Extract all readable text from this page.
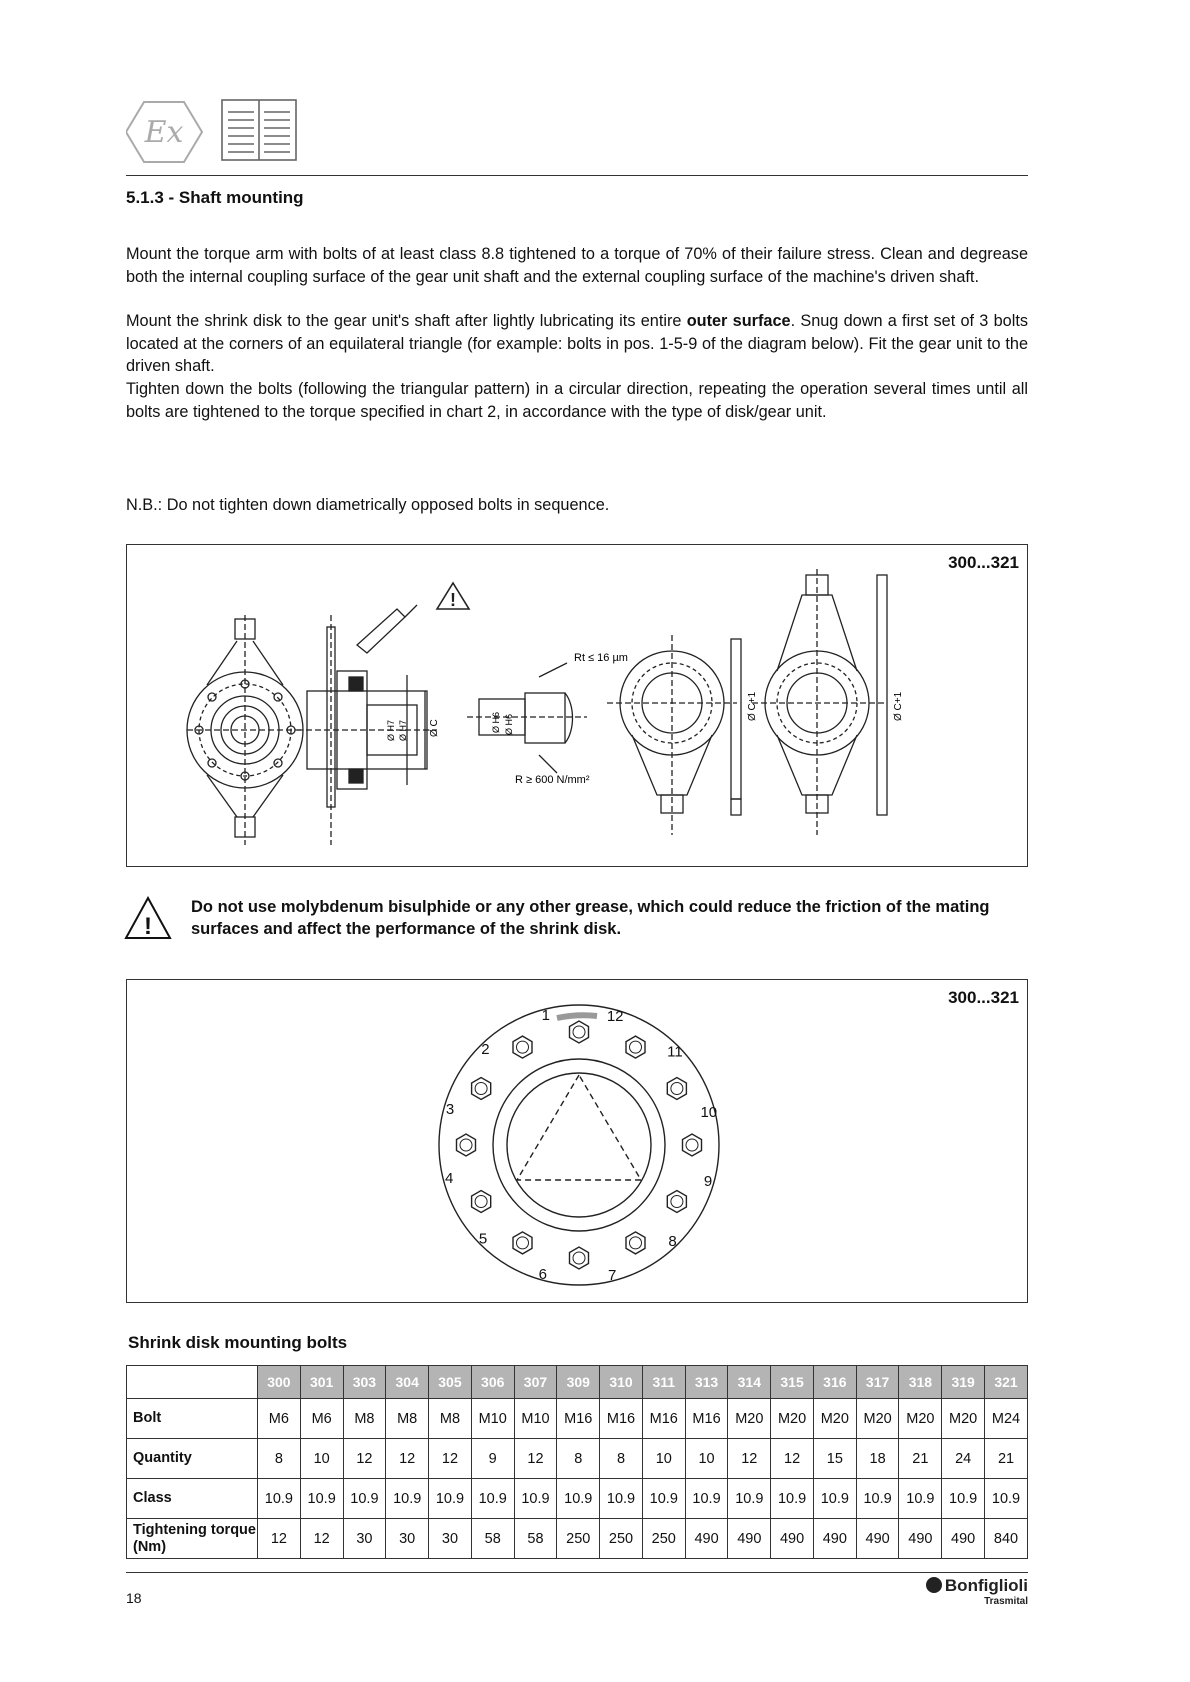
Ex
5.1.3 - Shaft mounting

Mount the torque arm with bolts of at least class 8.8 tightened to a torque of 70% of their failure stress. Clean and degrease both the internal coupling surface of the gear unit shaft and the external coupling surface of the machine's driven shaft.

Mount the shrink disk to the gear unit's shaft after lightly lubricating its entire outer surface. Snug down a first set of 3 bolts located at the corners of an equilateral triangle (for example: bolts in pos. 1-5-9 of the diagram below). Fit the gear unit to the driven shaft.

Tighten down the bolts (following the triangular pattern) in a circular direction, repeating the operation several times until all bolts are tightened to the torque specified in chart 2, in accordance with the type of disk/gear unit.

N.B.: Do not tighten down diametrically opposed bolts in sequence.

300...321
!
Rt ≤ 16 µm
R ≥ 600 N/mm²
Ø H7 Ø H7 Ø C	Ø H6 Ø H6
Ø C+1	Ø C+1
!

Do not use molybdenum bisulphide or any other grease, which could reduce the friction of the mating surfaces and affect the performance of the shrink disk.

300...321
1
2
3
4
5
6	7
8
9
10
11
12

Shrink disk mounting bolts

	300	301	303	304	305	306	307	309	310	311	313	314	315	316	317	318	319	321
Bolt	M6	M6	M8	M8	M8	M10	M10	M16	M16	M16	M16	M20	M20	M20	M20	M20	M20	M24
Quantity	8	10	12	12	12	9	12	8	8	10	10	12	12	15	18	21	24	21
Class	10.9	10.9	10.9	10.9	10.9	10.9	10.9	10.9	10.9	10.9	10.9	10.9	10.9	10.9	10.9	10.9	10.9	10.9
Tightening torque (Nm)	12	12	30	30	30	58	58	250	250	250	490	490	490	490	490	490	490	840
18
Bonfiglioli
Trasmital
